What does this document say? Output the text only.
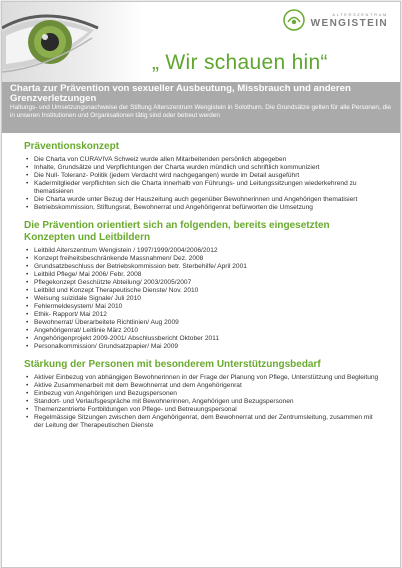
ALTERSZENTRUM
WENGISTEIN
„ Wir schauen hin“

Charta zur Prävention von sexueller Ausbeutung, Missbrauch und anderen Grenzverletzungen

Haltungs- und Umsetzungsnachweise der Stiftung Alterszentrum Wengistein in Solothurn. Die Grundsätze gelten für alle Personen, die in unseren Institutionen und Organisationen tätig sind oder betreut werden

Präventionskonzept
• Die Charta von CURAVIVA Schweiz wurde allen Mitarbeitenden persönlich abgegeben
• Inhalte, Grundsätze und Verpflichtungen der Charta wurden mündlich und schriftlich kommuniziert
• Die Null- Toleranz- Politik (jedem Verdacht wird nachgegangen) wurde im Detail ausgeführt
• Kadermitglieder verpflichten sich die Charta innerhalb von Führungs- und Leitungssitzungen wiederkehrend zu thematisieren
• Die Charta wurde unter Bezug der Hauszeitung auch gegenüber Bewohnerinnen und Angehörigen thematisiert
• Betriebskommission, Stiftungsrat, Bewohnerrat und Angehörigenrat befürworten die Umsetzung
Die Prävention orientiert sich an folgenden, bereits eingesetzten Konzepten und Leitbildern
• Leitbild Alterszentrum Wengistein / 1997/1999/2004/2006/2012
• Konzept freiheitsbeschränkende Massnahmen/ Dez. 2008
• Grundsatzbeschluss der Betriebskommission betr. Sterbehilfe/ April 2001
• Leitbild Pflege/ Mai 2006/ Febr. 2008
• Pflegekonzept Geschützte Abteilung/ 2003/2005/2007
• Leitbild und Konzept Therapeutische Dienste/ Nov. 2010
• Weisung suizidale Signale/ Juli 2010
• Fehlermeldesystem/ Mai 2010
• Ethik- Rapport/ Mai 2012
• Bewohnerrat/ Überarbeitete Richtlinien/ Aug 2009
• Angehörigenrat/ Leitlinie März 2010
• Angehörigenprojekt 2009-2001/ Abschlussbericht Oktober 2011
• Personalkommission/ Grundsatzpapier/ Mai 2009
Stärkung der Personen mit besonderem Unterstützungsbedarf
• Aktiver Einbezug von abhängigen Bewohnerinnen in der Frage der Planung von Pflege, Unterstützung und Begleitung
• Aktive Zusammenarbeit mit dem Bewohnerrat und dem Angehörigenrat
• Einbezug von Angehörigen und Bezugspersonen
• Standort- und Verlaufsgespräche mit Bewohnerinnen, Angehörigen und Bezugspersonen
• Themenzentrierte Fortbildungen von Pflege- und Betreuungspersonal
• Regelmässige Sitzungen zwischen dem Angehörigenrat, dem Bewohnerrat und der Zentrumsleitung, zusammen mit der Leitung der Therapeutischen Dienste
